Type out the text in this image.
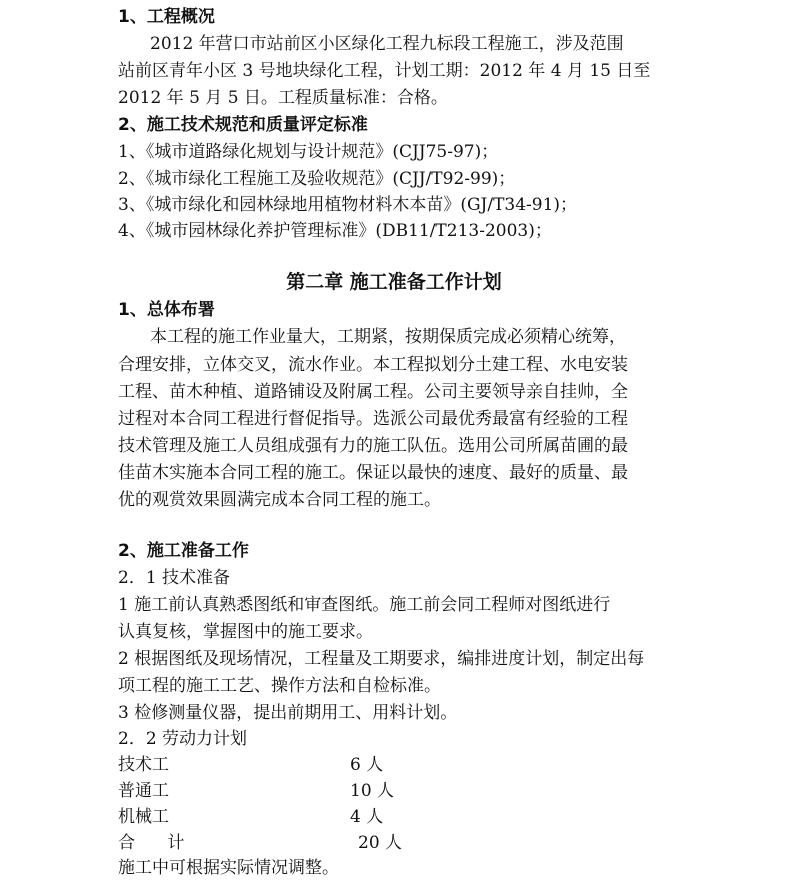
1、工程概况
2012 年营口市站前区小区绿化工程九标段工程施工，涉及范围
站前区青年小区 3 号地块绿化工程，计划工期：2012 年 4 月 15 日至
2012 年 5 月 5 日。工程质量标准：合格。
2、施工技术规范和质量评定标准
1、《城市道路绿化规划与设计规范》(CJJ75-97)；
2、《城市绿化工程施工及验收规范》(CJJ/T92-99)；
3、《城市绿化和园林绿地用植物材料木本苗》(GJ/T34-91)；
4、《城市园林绿化养护管理标准》(DB11/T213-2003)；
第二章 施工准备工作计划
1、总体布署
本工程的施工作业量大，工期紧，按期保质完成必须精心统筹，
合理安排，立体交叉，流水作业。本工程拟划分土建工程、水电安装
工程、苗木种植、道路铺设及附属工程。公司主要领导亲自挂帅，全
过程对本合同工程进行督促指导。选派公司最优秀最富有经验的工程
技术管理及施工人员组成强有力的施工队伍。选用公司所属苗圃的最
佳苗木实施本合同工程的施工。保证以最快的速度、最好的质量、最
优的观赏效果圆满完成本合同工程的施工。
2、施工准备工作
2．1 技术准备
1 施工前认真熟悉图纸和审查图纸。施工前会同工程师对图纸进行
认真复核，掌握图中的施工要求。
2 根据图纸及现场情况，工程量及工期要求，编排进度计划，制定出每
项工程的施工工艺、操作方法和自检标准。
3 检修测量仪器，提出前期用工、用料计划。
2．2 劳动力计划
技术工	6 人
普通工	10 人
机械工	4 人
合      计	20 人
施工中可根据实际情况调整。
